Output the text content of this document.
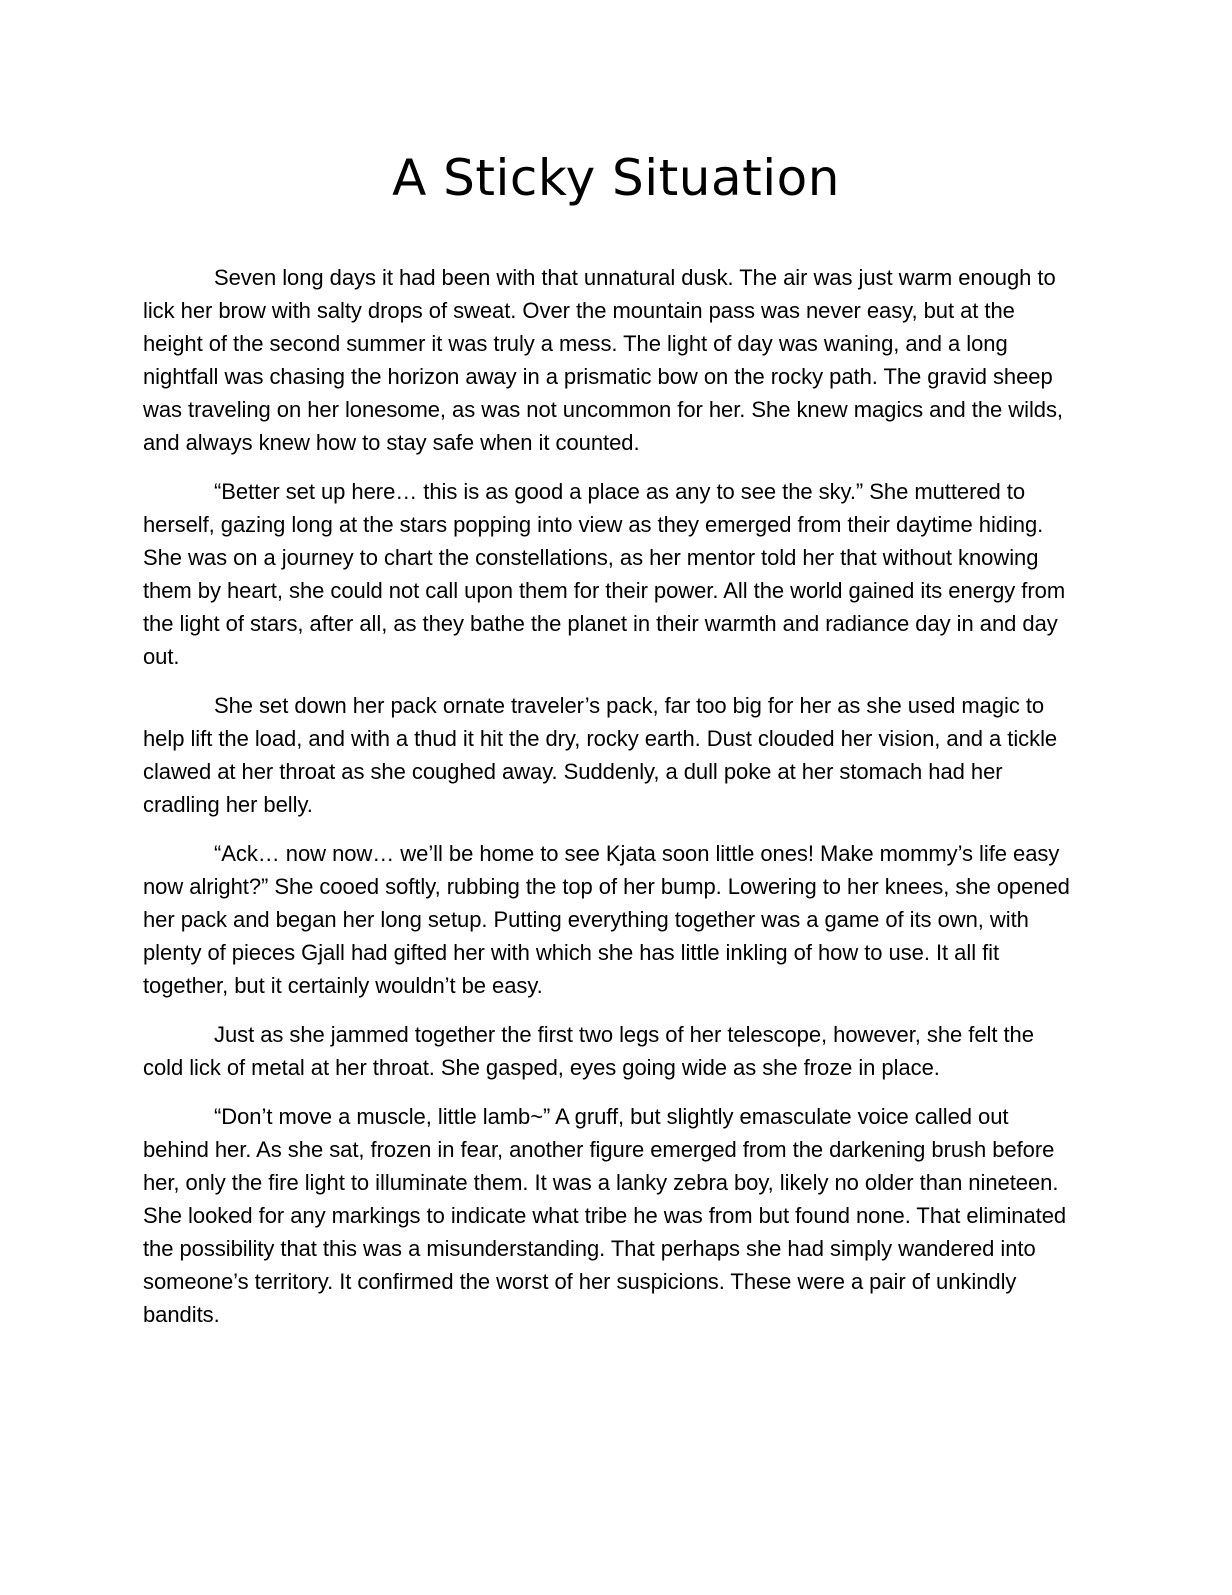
A Sticky Situation

Seven long days it had been with that unnatural dusk. The air was just warm enough to lick her brow with salty drops of sweat. Over the mountain pass was never easy, but at the height of the second summer it was truly a mess. The light of day was waning, and a long nightfall was chasing the horizon away in a prismatic bow on the rocky path. The gravid sheep was traveling on her lonesome, as was not uncommon for her. She knew magics and the wilds, and always knew how to stay safe when it counted.

“Better set up here… this is as good a place as any to see the sky.” She muttered to herself, gazing long at the stars popping into view as they emerged from their daytime hiding. She was on a journey to chart the constellations, as her mentor told her that without knowing them by heart, she could not call upon them for their power. All the world gained its energy from the light of stars, after all, as they bathe the planet in their warmth and radiance day in and day out.

She set down her pack ornate traveler’s pack, far too big for her as she used magic to help lift the load, and with a thud it hit the dry, rocky earth. Dust clouded her vision, and a tickle clawed at her throat as she coughed away. Suddenly, a dull poke at her stomach had her cradling her belly.

“Ack… now now… we’ll be home to see Kjata soon little ones! Make mommy’s life easy now alright?” She cooed softly, rubbing the top of her bump. Lowering to her knees, she opened her pack and began her long setup. Putting everything together was a game of its own, with plenty of pieces Gjall had gifted her with which she has little inkling of how to use. It all fit together, but it certainly wouldn’t be easy.

Just as she jammed together the first two legs of her telescope, however, she felt the cold lick of metal at her throat. She gasped, eyes going wide as she froze in place.

“Don’t move a muscle, little lamb~” A gruff, but slightly emasculate voice called out behind her. As she sat, frozen in fear, another figure emerged from the darkening brush before her, only the fire light to illuminate them. It was a lanky zebra boy, likely no older than nineteen. She looked for any markings to indicate what tribe he was from but found none. That eliminated the possibility that this was a misunderstanding. That perhaps she had simply wandered into someone’s territory. It confirmed the worst of her suspicions. These were a pair of unkindly bandits.
